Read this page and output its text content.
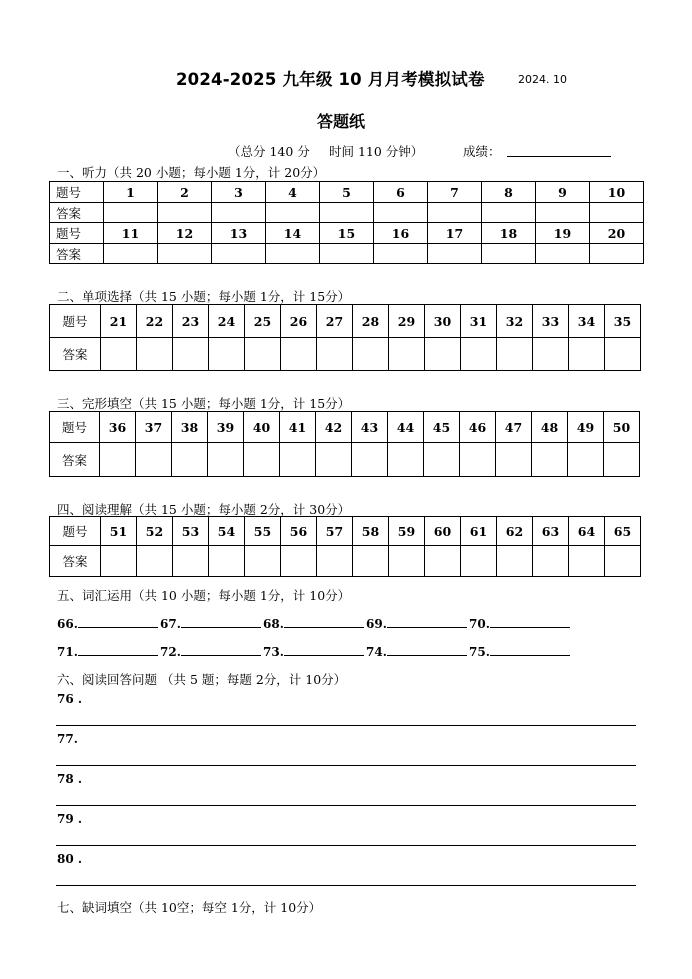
2024-2025 九年级 10 月月考模拟试卷	2024. 10
答题纸
（总分 140 分 时间 110 分钟）	成绩：
一、听力（共 20 小题；每小题 1分，计 20分）
题号	1	2	3	4	5	6	7	8	9	10
答案										
题号	11	12	13	14	15	16	17	18	19	20
答案										
二、单项选择（共 15 小题；每小题 1分，计 15分）
题号	21	22	23	24	25	26	27	28	29	30	31	32	33	34	35
答案															
三、完形填空（共 15 小题；每小题 1分，计 15分）
题号	36	37	38	39	40	41	42	43	44	45	46	47	48	49	50
答案															
四、阅读理解（共 15 小题；每小题 2分，计 30分）
题号	51	52	53	54	55	56	57	58	59	60	61	62	63	64	65
答案															
五、词汇运用（共 10 小题；每小题 1分，计 10分）
66.	67.	68.	69.	70.
71.	72.	73.	74.	75.
六、阅读回答问题 （共 5 题；每题 2分，计 10分）
76 .
77.
78 .
79 .
80 .
七、缺词填空（共 10空；每空 1分，计 10分）
